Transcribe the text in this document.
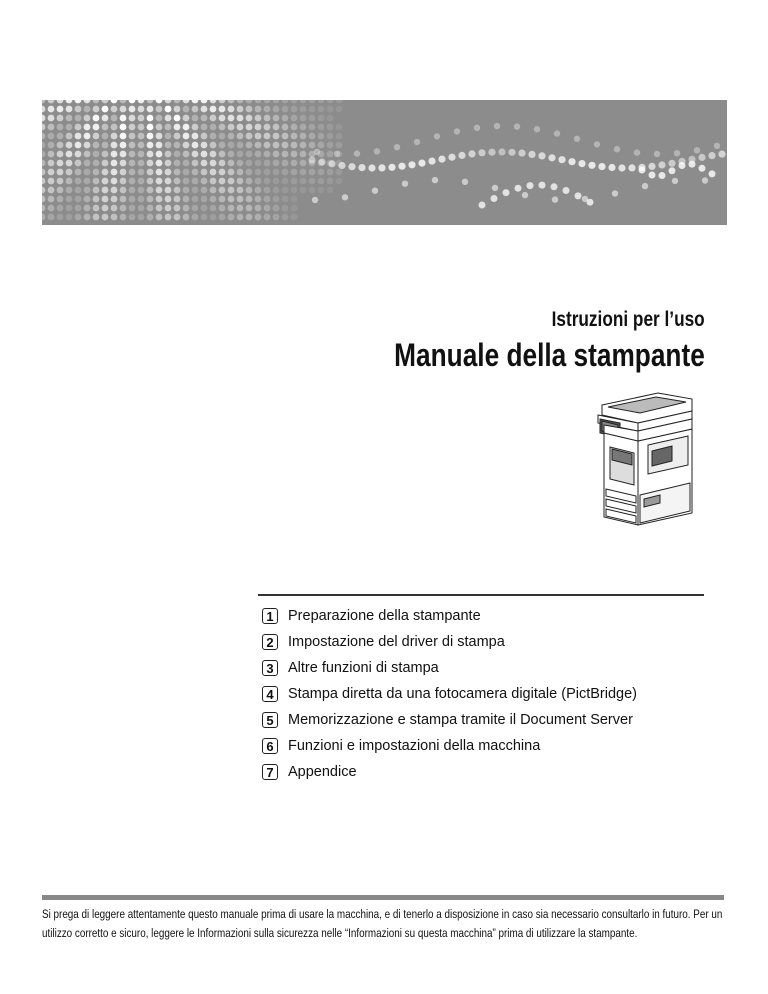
Istruzioni per l’uso
Manuale della stampante
1 Preparazione della stampante
2 Impostazione del driver di stampa
3 Altre funzioni di stampa
4 Stampa diretta da una fotocamera digitale (PictBridge)
5 Memorizzazione e stampa tramite il Document Server
6 Funzioni e impostazioni della macchina
7 Appendice
Si prega di leggere attentamente questo manuale prima di usare la macchina, e di tenerlo a disposizione in caso sia necessario consultarlo in futuro. Per un utilizzo corretto e sicuro, leggere le Informazioni sulla sicurezza nelle “Informazioni su questa macchina” prima di utilizzare la stampante.
